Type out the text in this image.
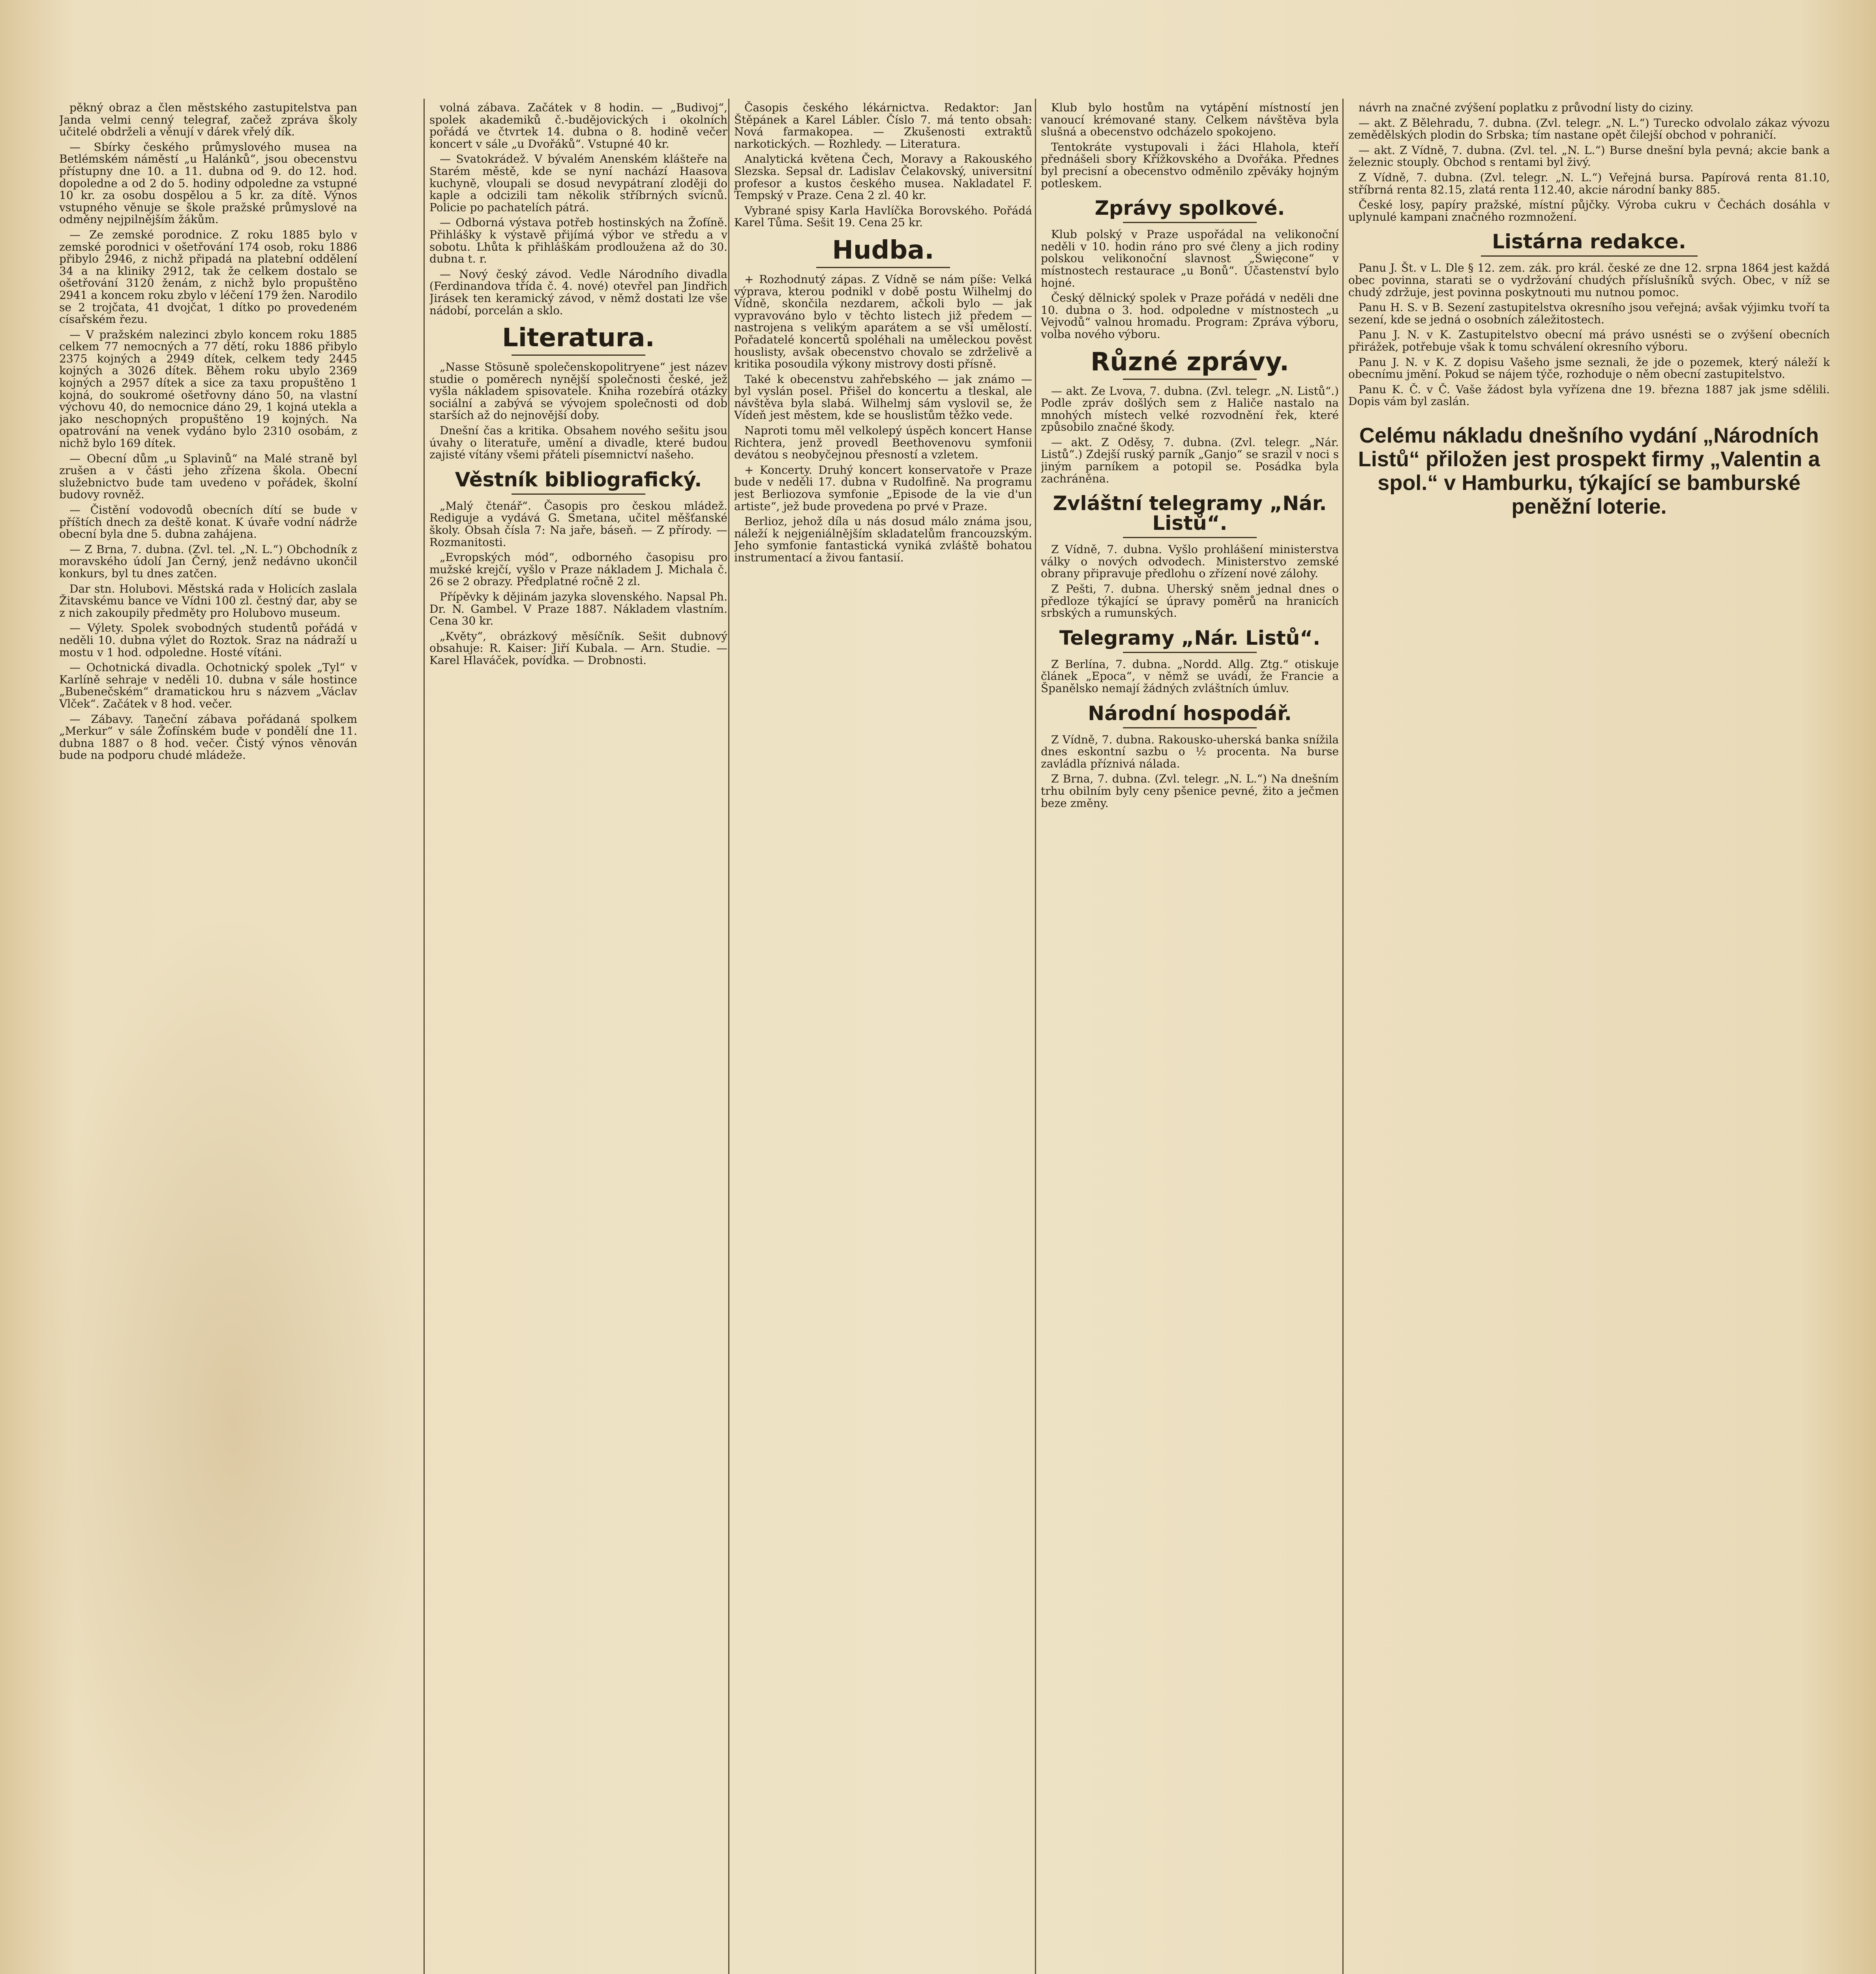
pěkný obraz a člen městského zastupitelstva pan Janda velmi cenný telegraf, začež zpráva školy učitelé obdrželi a věnují v dárek vřelý dík.

— Sbírky českého průmyslového musea na Betlémském náměstí „u Halánků“, jsou obecenstvu přístupny dne 10. a 11. dubna od 9. do 12. hod. dopoledne a od 2 do 5. hodiny odpoledne za vstupné 10 kr. za osobu dospělou a 5 kr. za dítě. Výnos vstupného věnuje se škole pražské průmyslové na odměny nejpilnějším žákům.

— Ze zemské porodnice. Z roku 1885 bylo v zemské porodnici v ošetřování 174 osob, roku 1886 přibylo 2946, z nichž připadá na platební oddělení 34 a na kliniky 2912, tak že celkem dostalo se ošetřování 3120 ženám, z nichž bylo propuštěno 2941 a koncem roku zbylo v léčení 179 žen. Narodilo se 2 trojčata, 41 dvojčat, 1 dítko po provedeném císařském řezu.

— V pražském nalezinci zbylo koncem roku 1885 celkem 77 nemocných a 77 dětí, roku 1886 přibylo 2375 kojných a 2949 dítek, celkem tedy 2445 kojných a 3026 dítek. Během roku ubylo 2369 kojných a 2957 dítek a sice za taxu propuštěno 1 kojná, do soukromé ošetřovny dáno 50, na vlastní výchovu 40, do nemocnice dáno 29, 1 kojná utekla a jako neschopných propuštěno 19 kojných. Na opatrování na venek vydáno bylo 2310 osobám, z nichž bylo 169 dítek.

— Obecní dům „u Splavinů“ na Malé straně byl zrušen a v části jeho zřízena škola. Obecní služebnictvo bude tam uvedeno v pořádek, školní budovy rovněž.

— Čistění vodovodů obecních dítí se bude v příštích dnech za deště konat. K úvaře vodní nádrže obecní byla dne 5. dubna zahájena.

— Z Brna, 7. dubna. (Zvl. tel. „N. L.“) Obchodník z moravského údolí Jan Černý, jenž nedávno ukončil konkurs, byl tu dnes zatčen.

Dar stn. Holubovi. Městská rada v Holicích zaslala Žitavskému bance ve Vídni 100 zl. čestný dar, aby se z nich zakoupily předměty pro Holubovo museum.

— Výlety. Spolek svobodných studentů pořádá v neděli 10. dubna výlet do Roztok. Sraz na nádraží u mostu v 1 hod. odpoledne. Hosté vítáni.

— Ochotnická divadla. Ochotnický spolek „Tyl“ v Karlíně sehraje v neděli 10. dubna v sále hostince „Bubenečském“ dramatickou hru s názvem „Václav Vlček“. Začátek v 8 hod. večer.

— Zábavy. Taneční zábava pořádaná spolkem „Merkur“ v sále Žofínském bude v pondělí dne 11. dubna 1887 o 8 hod. večer. Čistý výnos věnován bude na podporu chudé mládeže.

volná zábava. Začátek v 8 hodin. — „Budivoj“, spolek akademiků č.-budějovických i okolních pořádá ve čtvrtek 14. dubna o 8. hodině večer koncert v sále „u Dvořáků“. Vstupné 40 kr.

— Svatokrádež. V bývalém Anenském klášteře na Starém městě, kde se nyní nachází Haasova kuchyně, vloupali se dosud nevypátraní zloději do kaple a odcizili tam několik stříbrných svícnů. Policie po pachatelích pátrá.

— Odborná výstava potřeb hostinských na Žofíně. Přihlášky k výstavě přijímá výbor ve středu a v sobotu. Lhůta k přihláškám prodloužena až do 30. dubna t. r.

— Nový český závod. Vedle Národního divadla (Ferdinandova třída č. 4. nové) otevřel pan Jindřich Jirásek ten keramický závod, v němž dostati lze vše nádobí, porcelán a sklo.

Literatura.

„Nasse Stösuně společenskopolitryene“ jest název studie o poměrech nynější společnosti české, jež vyšla nákladem spisovatele. Kniha rozebírá otázky sociální a zabývá se vývojem společnosti od dob starších až do nejnovější doby.

Dnešní čas a kritika. Obsahem nového sešitu jsou úvahy o literatuře, umění a divadle, které budou zajisté vítány všemi přáteli písemnictví našeho.

Věstník bibliografický.

„Malý čtenář“. Časopis pro českou mládež. Rediguje a vydává G. Smetana, učitel měšťanské školy. Obsah čísla 7: Na jaře, báseň. — Z přírody. — Rozmanitosti.

„Evropských mód“, odborného časopisu pro mužské krejčí, vyšlo v Praze nákladem J. Michala č. 26 se 2 obrazy. Předplatné ročně 2 zl.

Přípěvky k dějinám jazyka slovenského. Napsal Ph. Dr. N. Gambel. V Praze 1887. Nákladem vlastním. Cena 30 kr.

„Květy“, obrázkový měsíčník. Sešit dubnový obsahuje: R. Kaiser: Jiří Kubala. — Arn. Studie. — Karel Hlaváček, povídka. — Drobnosti.

Časopis českého lékárnictva. Redaktor: Jan Štěpánek a Karel Lábler. Číslo 7. má tento obsah: Nová farmakopea. — Zkušenosti extraktů narkotických. — Rozhledy. — Literatura.

Analytická květena Čech, Moravy a Rakouského Slezska. Sepsal dr. Ladislav Čelakovský, universitní profesor a kustos českého musea. Nakladatel F. Tempský v Praze. Cena 2 zl. 40 kr.

Vybrané spisy Karla Havlíčka Borovského. Pořádá Karel Tůma. Sešit 19. Cena 25 kr.

Hudba.

+ Rozhodnutý zápas. Z Vídně se nám píše: Velká výprava, kterou podnikl v době postu Wilhelmj do Vídně, skončila nezdarem, ačkoli bylo — jak vypravováno bylo v těchto listech již předem — nastrojena s velikým aparátem a se vší umělostí. Pořadatelé koncertů spoléhali na uměleckou pověst houslisty, avšak obecenstvo chovalo se zdrželivě a kritika posoudila výkony mistrovy dosti přísně.

Také k obecenstvu zahřebského — jak známo — byl vyslán posel. Přišel do koncertu a tleskal, ale návštěva byla slabá. Wilhelmj sám vyslovil se, že Vídeň jest městem, kde se houslistům těžko vede.

Naproti tomu měl velkolepý úspěch koncert Hanse Richtera, jenž provedl Beethovenovu symfonii devátou s neobyčejnou přesností a vzletem.

+ Koncerty. Druhý koncert konservatoře v Praze bude v neděli 17. dubna v Rudolfině. Na programu jest Berliozova symfonie „Episode de la vie d'un artiste“, jež bude provedena po prvé v Praze.

Berlioz, jehož díla u nás dosud málo známa jsou, náleží k nejgeniálnějším skladatelům francouzským. Jeho symfonie fantastická vyniká zvláště bohatou instrumentací a živou fantasií.

Klub bylo hostům na vytápění místností jen vanoucí krémované stany. Celkem návštěva byla slušná a obecenstvo odcházelo spokojeno.

Tentokráte vystupovali i žáci Hlahola, kteří přednášeli sbory Křížkovského a Dvořáka. Přednes byl precisní a obecenstvo odměnilo zpěváky hojným potleskem.

Zprávy spolkové.

Klub polský v Praze uspořádal na velikonoční neděli v 10. hodin ráno pro své členy a jich rodiny polskou velikonoční slavnost „Święcone“ v místnostech restaurace „u Bonů“. Účastenství bylo hojné.

Český dělnický spolek v Praze pořádá v neděli dne 10. dubna o 3. hod. odpoledne v místnostech „u Vejvodů“ valnou hromadu. Program: Zpráva výboru, volba nového výboru.

Různé zprávy.

— akt. Ze Lvova, 7. dubna. (Zvl. telegr. „N. Listů“.) Podle zpráv došlých sem z Haliče nastalo na mnohých místech velké rozvodnění řek, které způsobilo značné škody.

— akt. Z Oděsy, 7. dubna. (Zvl. telegr. „Nár. Listů“.) Zdejší ruský parník „Ganjo“ se srazil v noci s jiným parníkem a potopil se. Posádka byla zachráněna.

Zvláštní telegramy „Nár. Listů“.

Z Vídně, 7. dubna. Vyšlo prohlášení ministerstva války o nových odvodech. Ministerstvo zemské obrany připravuje předlohu o zřízení nové zálohy.

Z Pešti, 7. dubna. Uherský sněm jednal dnes o předloze týkající se úpravy poměrů na hranicích srbských a rumunských.

Telegramy „Nár. Listů“.

Z Berlína, 7. dubna. „Nordd. Allg. Ztg.“ otiskuje článek „Epoca“, v němž se uvádí, že Francie a Španělsko nemají žádných zvláštních úmluv.

Národní hospodář.

Z Vídně, 7. dubna. Rakousko-uherská banka snížila dnes eskontní sazbu o ½ procenta. Na burse zavládla příznivá nálada.

Z Brna, 7. dubna. (Zvl. telegr. „N. L.“) Na dnešním trhu obilním byly ceny pšenice pevné, žito a ječmen beze změny.

návrh na značné zvýšení poplatku z průvodní listy do ciziny.

— akt. Z Bělehradu, 7. dubna. (Zvl. telegr. „N. L.“) Turecko odvolalo zákaz vývozu zemědělských plodin do Srbska; tím nastane opět čilejší obchod v pohraničí.

— akt. Z Vídně, 7. dubna. (Zvl. tel. „N. L.“) Burse dnešní byla pevná; akcie bank a železnic stouply. Obchod s rentami byl živý.

Z Vídně, 7. dubna. (Zvl. telegr. „N. L.“) Veřejná bursa. Papírová renta 81.10, stříbrná renta 82.15, zlatá renta 112.40, akcie národní banky 885.

České losy, papíry pražské, místní půjčky. Výroba cukru v Čechách dosáhla v uplynulé kampani značného rozmnožení.

Listárna redakce.

Panu J. Št. v L. Dle § 12. zem. zák. pro král. české ze dne 12. srpna 1864 jest každá obec povinna, starati se o vydržování chudých příslušníků svých. Obec, v níž se chudý zdržuje, jest povinna poskytnouti mu nutnou pomoc.

Panu H. S. v B. Sezení zastupitelstva okresního jsou veřejná; avšak výjimku tvoří ta sezení, kde se jedná o osobních záležitostech.

Panu J. N. v K. Zastupitelstvo obecní má právo usnésti se o zvýšení obecních přirážek, potřebuje však k tomu schválení okresního výboru.

Panu J. N. v K. Z dopisu Vašeho jsme seznali, že jde o pozemek, který náleží k obecnímu jmění. Pokud se nájem týče, rozhoduje o něm obecní zastupitelstvo.

Panu K. Č. v Č. Vaše žádost byla vyřízena dne 19. března 1887 jak jsme sdělili. Dopis vám byl zaslán.

Celému nákladu dnešního vydání „Národních Listů“ přiložen jest prospekt firmy „Valentin a spol.“ v Hamburku, týkající se bamburské peněžní loterie.
